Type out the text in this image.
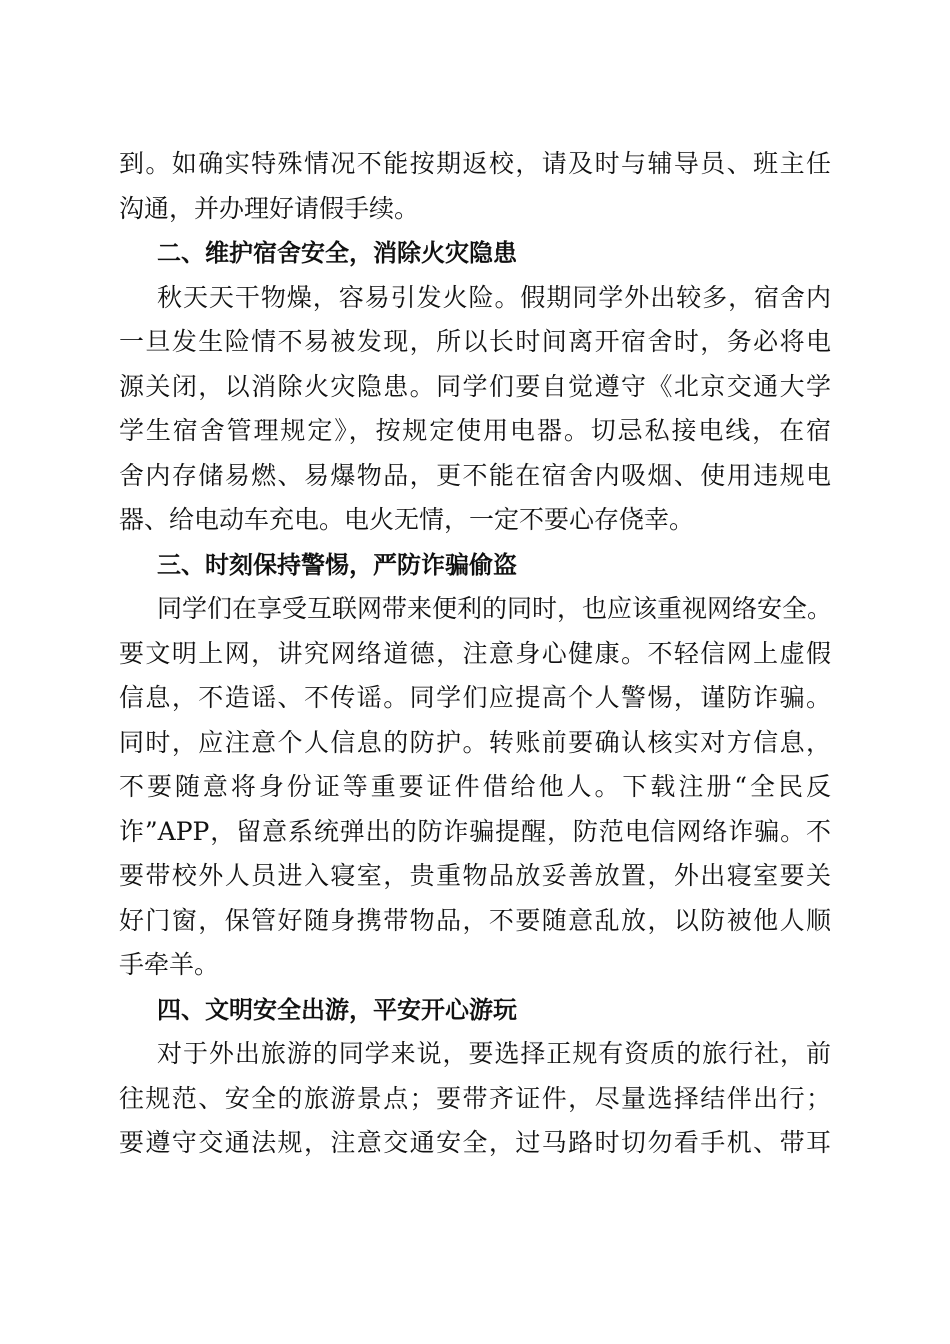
到。如确实特殊情况不能按期返校，请及时与辅导员、班主任
沟通，并办理好请假手续。
二、维护宿舍安全，消除火灾隐患
秋天天干物燥，容易引发火险。假期同学外出较多，宿舍内
一旦发生险情不易被发现，所以长时间离开宿舍时，务必将电
源关闭，以消除火灾隐患。同学们要自觉遵守《北京交通大学
学生宿舍管理规定》，按规定使用电器。切忌私接电线，在宿
舍内存储易燃、易爆物品，更不能在宿舍内吸烟、使用违规电
器、给电动车充电。电火无情，一定不要心存侥幸。
三、时刻保持警惕，严防诈骗偷盗
同学们在享受互联网带来便利的同时，也应该重视网络安全。
要文明上网，讲究网络道德，注意身心健康。不轻信网上虚假
信息，不造谣、不传谣。同学们应提高个人警惕，谨防诈骗。
同时，应注意个人信息的防护。转账前要确认核实对方信息，
不要随意将身份证等重要证件借给他人。下载注册“全民反
诈”APP，留意系统弹出的防诈骗提醒，防范电信网络诈骗。不
要带校外人员进入寝室，贵重物品放妥善放置，外出寝室要关
好门窗，保管好随身携带物品，不要随意乱放，以防被他人顺
手牵羊。
四、文明安全出游，平安开心游玩
对于外出旅游的同学来说，要选择正规有资质的旅行社，前
往规范、安全的旅游景点；要带齐证件，尽量选择结伴出行；
要遵守交通法规，注意交通安全，过马路时切勿看手机、带耳
